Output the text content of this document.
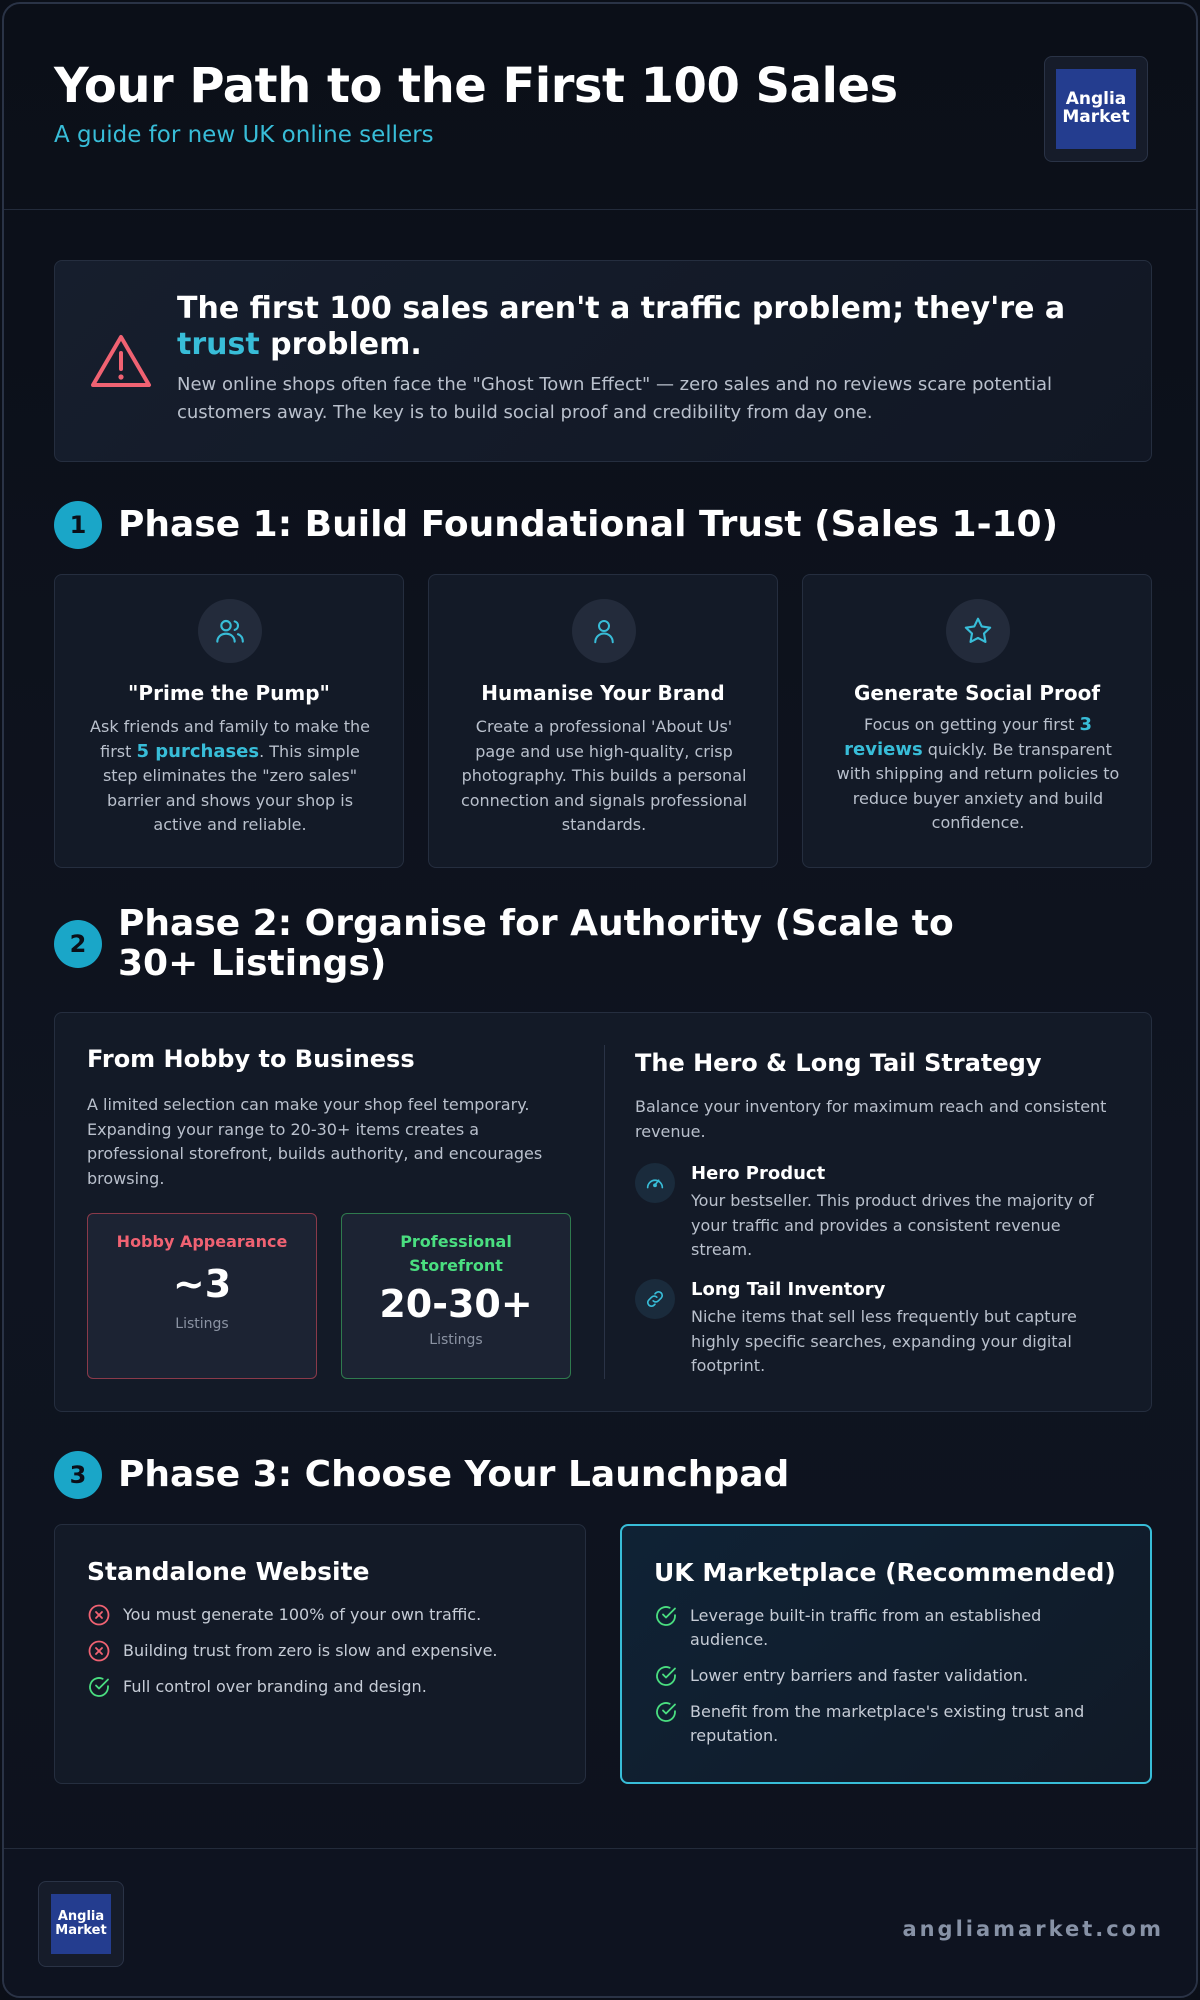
Your Path to the First 100 Sales
A guide for new UK online sellers
Anglia
Market
The first 100 sales aren't a traffic problem; they're a trust problem.

New online shops often face the "Ghost Town Effect" — zero sales and no reviews scare potential customers away. The key is to build social proof and credibility from day one.

1 Phase 1: Build Foundational Trust (Sales 1-10)
"Prime the Pump"

Ask friends and family to make the first 5 purchases. This simple step eliminates the "zero sales" barrier and shows your shop is active and reliable.

Humanise Your Brand

Create a professional 'About Us' page and use high-quality, crisp photography. This builds a personal connection and signals professional standards.

Generate Social Proof

Focus on getting your first 3 reviews quickly. Be transparent with shipping and return policies to reduce buyer anxiety and build confidence.

2 Phase 2: Organise for Authority (Scale to 30+ Listings)
From Hobby to Business
A limited selection can make your shop feel temporary. Expanding your range to 20-30+ items creates a professional storefront, builds authority, and encourages browsing.
Hobby Appearance
~3
Listings
Professional Storefront
20-30+
Listings
The Hero & Long Tail Strategy
Balance your inventory for maximum reach and consistent revenue.
Hero Product
Your bestseller. This product drives the majority of your traffic and provides a consistent revenue stream.
Long Tail Inventory
Niche items that sell less frequently but capture highly specific searches, expanding your digital footprint.
3 Phase 3: Choose Your Launchpad
Standalone Website
You must generate 100% of your own traffic.
Building trust from zero is slow and expensive.
Full control over branding and design.
UK Marketplace (Recommended)
Leverage built-in traffic from an established audience.
Lower entry barriers and faster validation.
Benefit from the marketplace's existing trust and reputation.
Anglia
Market	angliamarket.com
